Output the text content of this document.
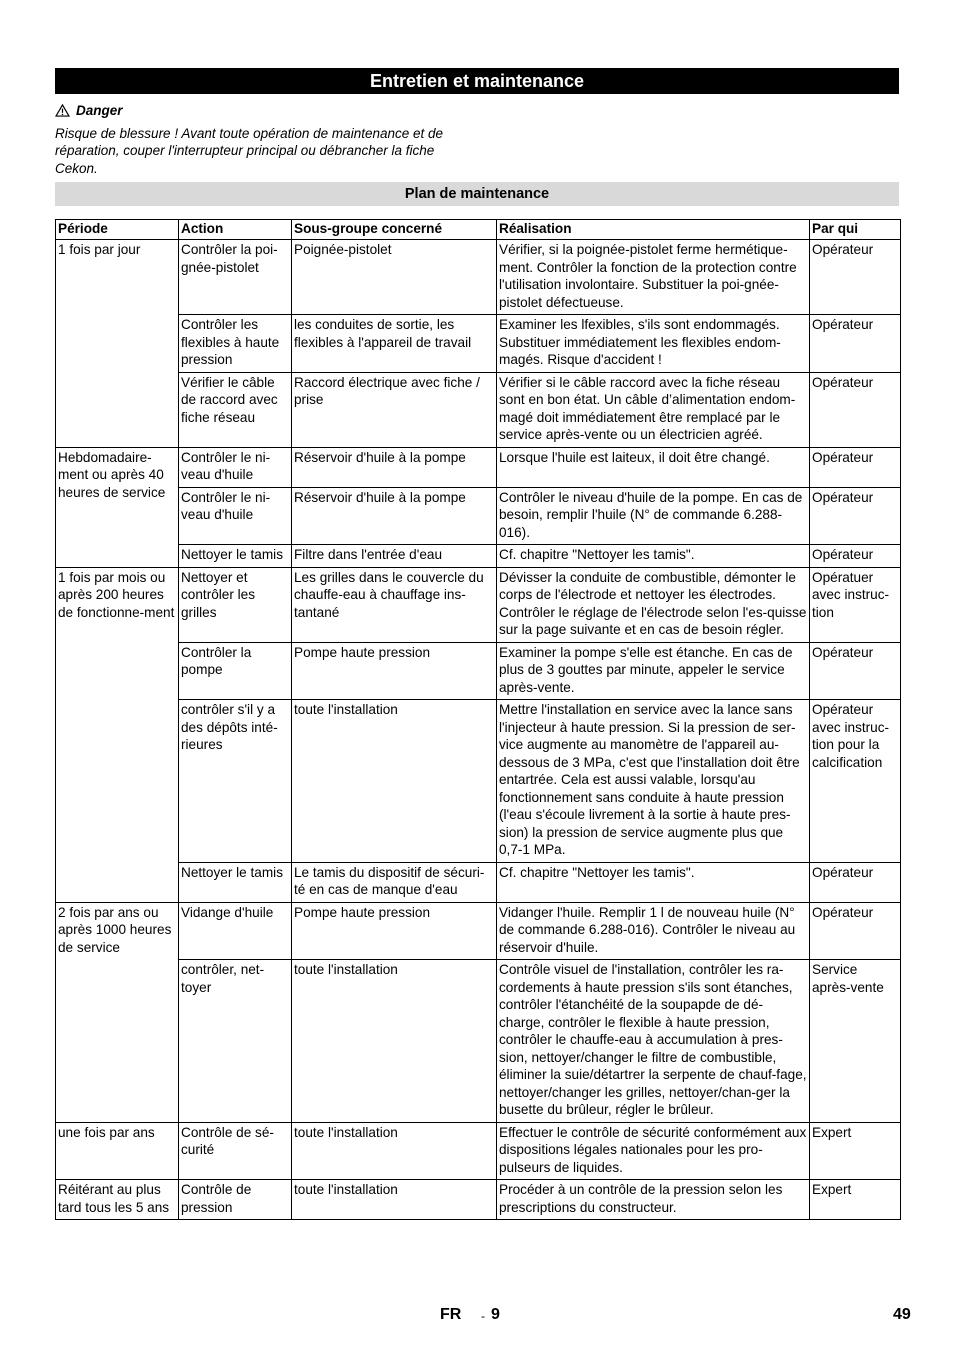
Entretien et maintenance
Danger
Risque de blessure ! Avant toute opération de maintenance et de réparation, couper l'interrupteur principal ou débrancher la fiche Cekon.
Plan de maintenance
Période	Action	Sous-groupe concerné	Réalisation	Par qui
1 fois par jour	Contrôler la poi-gnée-pistolet	Poignée-pistolet	Vérifier, si la poignée-pistolet ferme hermétique-ment. Contrôler la fonction de la protection contre l'utilisation involontaire. Substituer la poi-gnée-pistolet défectueuse.	Opérateur
	Contrôler les flexibles à haute pression	les conduites de sortie, les flexibles à l'appareil de travail	Examiner les lfexibles, s'ils sont endommagés. Substituer immédiatement les flexibles endom-magés. Risque d'accident !	Opérateur
	Vérifier le câble de raccord avec fiche réseau	Raccord électrique avec fiche / prise	Vérifier si le câble raccord avec la fiche réseau sont en bon état. Un câble d’alimentation endom-magé doit immédiatement être remplacé par le service après-vente ou un électricien agréé.	Opérateur
Hebdomadaire-ment ou après 40 heures de service	Contrôler le ni-veau d'huile	Réservoir d'huile à la pompe	Lorsque l'huile est laiteux, il doit être changé.	Opérateur
	Contrôler le ni-veau d'huile	Réservoir d'huile à la pompe	Contrôler le niveau d'huile de la pompe. En cas de besoin, remplir l'huile (N° de commande 6.288-016).	Opérateur
	Nettoyer le tamis	Filtre dans l'entrée d'eau	Cf. chapitre "Nettoyer les tamis".	Opérateur
1 fois par mois ou après 200 heures de fonctionne-ment	Nettoyer et contrôler les grilles	Les grilles dans le couvercle du chauffe-eau à chauffage ins-tantané	Dévisser la conduite de combustible, démonter le corps de l'électrode et nettoyer les électrodes. Contrôler le réglage de l'électrode selon l'es-quisse sur la page suivante et en cas de besoin régler.	Opératuer avec instruc-tion
	Contrôler la pompe	Pompe haute pression	Examiner la pompe s'elle est étanche. En cas de plus de 3 gouttes par minute, appeler le service après-vente.	Opérateur
	contrôler s'il y a des dépôts inté-rieures	toute l'installation	Mettre l'installation en service avec la lance sans l'injecteur à haute pression. Si la pression de ser-vice augmente au manomètre de l'appareil au-dessous de 3 MPa, c'est que l'installation doit être entartrée. Cela est aussi valable, lorsqu'au fonctionnement sans conduite à haute pression (l'eau s'écoule livrement à la sortie à haute pres-sion) la pression de service augmente plus que 0,7-1 MPa.	Opérateur avec instruc-tion pour la calcification
	Nettoyer le tamis	Le tamis du dispositif de sécuri-té en cas de manque d'eau	Cf. chapitre "Nettoyer les tamis".	Opérateur
2 fois par ans ou après 1000 heures de service	Vidange d'huile	Pompe haute pression	Vidanger l'huile. Remplir 1 l de nouveau huile (N° de commande 6.288-016). Contrôler le niveau au réservoir d'huile.	Opérateur
	contrôler, net-toyer	toute l'installation	Contrôle visuel de l'installation, contrôler les ra-cordements à haute pression s'ils sont étanches, contrôler l'étanchéité de la soupapde de dé-charge, contrôler le flexible à haute pression, contrôler le chauffe-eau à accumulation à pres-sion, nettoyer/changer le filtre de combustible, éliminer la suie/détartrer la serpente de chauf-fage, nettoyer/changer les grilles, nettoyer/chan-ger la busette du brûleur, régler le brûleur.	Service après-vente
une fois par ans	Contrôle de sé-curité	toute l'installation	Effectuer le contrôle de sécurité conformément aux dispositions légales nationales pour les pro-pulseurs de liquides.	Expert
Réitérant au plus tard tous les 5 ans	Contrôle de pression	toute l'installation	Procéder à un contrôle de la pression selon les prescriptions du constructeur.	Expert
FR - 9	49
